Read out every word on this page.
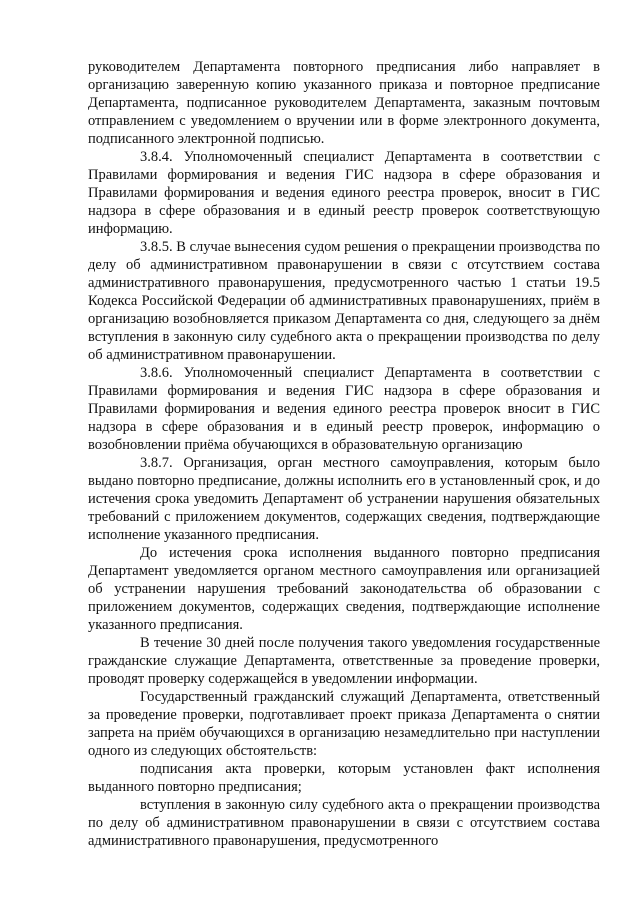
руководителем Департамента повторного предписания либо направляет в организацию заверенную копию указанного приказа и повторное предписание Департамента, подписанное руководителем Департамента, заказным почтовым отправлением с уведомлением о вручении или в форме электронного документа, подписанного электронной подписью.

3.8.4. Уполномоченный специалист Департамента в соответствии с Правилами формирования и ведения ГИС надзора в сфере образования и Правилами формирования и ведения единого реестра проверок, вносит в ГИС надзора в сфере образования и в единый реестр проверок соответствующую информацию.

3.8.5. В случае вынесения судом решения о прекращении производства по делу об административном правонарушении в связи с отсутствием состава административного правонарушения, предусмотренного частью 1 статьи 19.5 Кодекса Российской Федерации об административных правонарушениях, приём в организацию возобновляется приказом Департамента со дня, следующего за днём вступления в законную силу судебного акта о прекращении производства по делу об административном правонарушении.

3.8.6. Уполномоченный специалист Департамента в соответствии с Правилами формирования и ведения ГИС надзора в сфере образования и Правилами формирования и ведения единого реестра проверок вносит в ГИС надзора в сфере образования и в единый реестр проверок, информацию о возобновлении приёма обучающихся в образовательную организацию

3.8.7. Организация, орган местного самоуправления, которым было выдано повторно предписание, должны исполнить его в установленный срок, и до истечения срока уведомить Департамент об устранении нарушения обязательных требований с приложением документов, содержащих сведения, подтверждающие исполнение указанного предписания.

До истечения срока исполнения выданного повторно предписания Департамент уведомляется органом местного самоуправления или организацией об устранении нарушения требований законодательства об образовании с приложением документов, содержащих сведения, подтверждающие исполнение указанного предписания.

В течение 30 дней после получения такого уведомления государственные гражданские служащие Департамента, ответственные за проведение проверки, проводят проверку содержащейся в уведомлении информации.

Государственный гражданский служащий Департамента, ответственный за проведение проверки, подготавливает проект приказа Департамента о снятии запрета на приём обучающихся в организацию незамедлительно при наступлении одного из следующих обстоятельств:

подписания акта проверки, которым установлен факт исполнения выданного повторно предписания;

вступления в законную силу судебного акта о прекращении производства по делу об административном правонарушении в связи с отсутствием состава административного правонарушения, предусмотренного
